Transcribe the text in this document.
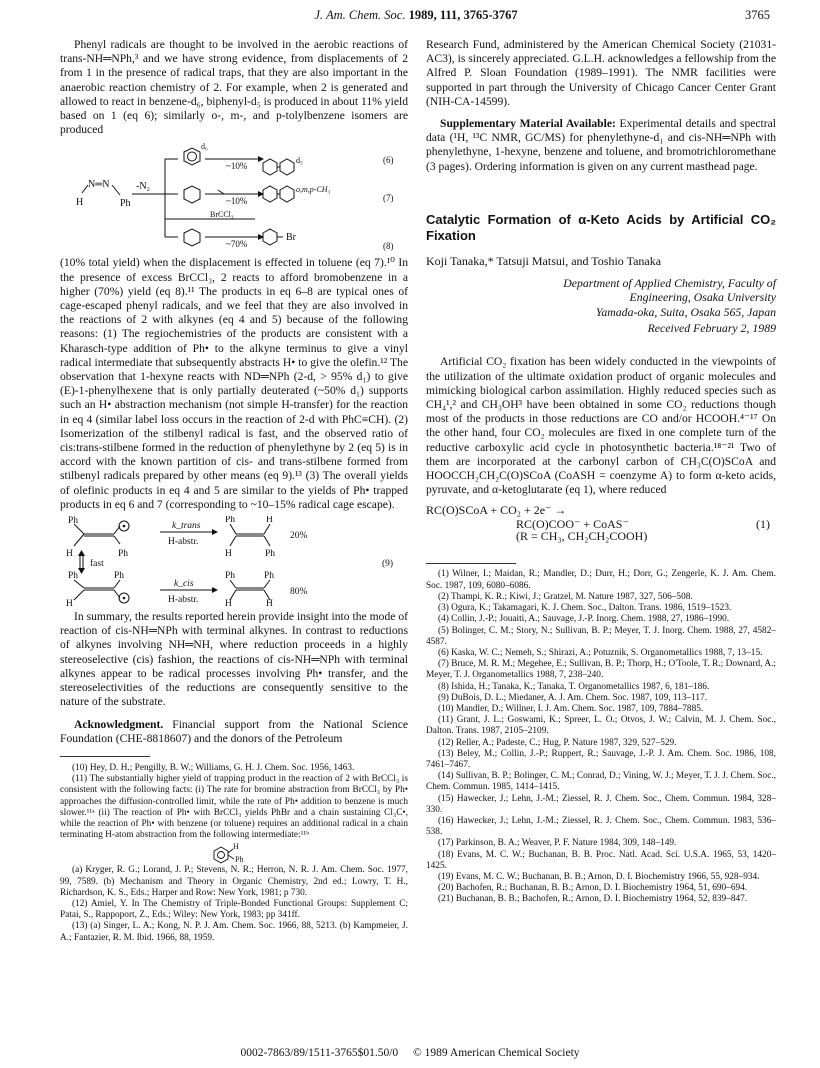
J. Am. Chem. Soc. 1989, 111, 3765-3767	3765

Phenyl radicals are thought to be involved in the aerobic reactions of trans-NH═NPh,³ and we have strong evidence, from displacements of 2 from 1 in the presence of radical traps, that they are also important in the anaerobic reaction chemistry of 2. For example, when 2 is generated and allowed to react in benzene-d₆, biphenyl-d₅ is produced in about 11% yield based on 1 (eq 6); similarly o-, m-, and p-tolylbenzene isomers are produced

N═N
H	Ph
-N₂
BrCCl₃
d₆
d₅
o,m,p-CH₃
Br
~10%
~10%
~70%
(6)
(7)
(8)

(10% total yield) when the displacement is effected in toluene (eq 7).¹⁰ In the presence of excess BrCCl₃, 2 reacts to afford bromobenzene in a higher (70%) yield (eq 8).¹¹ The products in eq 6–8 are typical ones of cage-escaped phenyl radicals, and we feel that they are also involved in the reactions of 2 with alkynes (eq 4 and 5) because of the following reasons: (1) The regiochemistries of the products are consistent with a Kharasch-type addition of Ph• to the alkyne terminus to give a vinyl radical intermediate that subsequently abstracts H• to give the olefin.¹² The observation that 1-hexyne reacts with ND═NPh (2-d, > 95% d₁) to give (E)-1-phenylhexene that is only partially deuterated (~50% d₁) supports such an H• abstraction mechanism (not simple H-transfer) for the reaction in eq 4 (similar label loss occurs in the reaction of 2-d with PhC≡CH). (2) Isomerization of the stilbenyl radical is fast, and the observed ratio of cis:trans-stilbene formed in the reduction of phenylethyne by 2 (eq 5) is in accord with the known partition of cis- and trans-stilbene formed from stilbenyl radicals prepared by other means (eq 9).¹³ (3) The overall yields of olefinic products in eq 4 and 5 are similar to the yields of Ph• trapped products in eq 6 and 7 (corresponding to ~10–15% radical cage escape).

Ph
H	Ph
k_trans
H-abstr.
Ph	H
H	Ph
20%
fast	(9)
Ph	Ph
H
k_cis
H-abstr.
Ph	Ph
H	H
80%

In summary, the results reported herein provide insight into the mode of reaction of cis-NH═NPh with terminal alkynes. In contrast to reductions of alkynes involving NH═NH, where reduction proceeds in a highly stereoselective (cis) fashion, the reactions of cis-NH═NPh with terminal alkynes appear to be radical processes involving Ph• transfer, and the stereoselectivities of the reductions are consequently sensitive to the nature of the substrate.

Acknowledgment. Financial support from the National Science Foundation (CHE-8818607) and the donors of the Petroleum

(10) Hey, D. H.; Pengilly, B. W.; Williams, G. H. J. Chem. Soc. 1956, 1463.

(11) The substantially higher yield of trapping product in the reaction of 2 with BrCCl₃ is consistent with the following facts: (i) The rate for bromine abstraction from BrCCl₃ by Ph• approaches the diffusion-controlled limit, while the rate of Ph• addition to benzene is much slower.¹¹ᵃ (ii) The reaction of Ph• with BrCCl₃ yields PhBr and a chain sustaining Cl₃C•, while the reaction of Ph• with benzene (or toluene) requires an additional radical in a chain terminating H-atom abstraction from the following intermediate:¹¹ᵇ

H
Ph

(a) Kryger, R. G.; Lorand, J. P.; Stevens, N. R.; Herron, N. R. J. Am. Chem. Soc. 1977, 99, 7589. (b) Mechanism and Theory in Organic Chemistry, 2nd ed.; Lowry, T. H., Richardson, K. S., Eds.; Harper and Row: New York, 1981; p 730.

(12) Amiel, Y. In The Chemistry of Triple-Bonded Functional Groups: Supplement C; Patai, S., Rappoport, Z., Eds.; Wiley: New York, 1983; pp 341ff.

(13) (a) Singer, L. A.; Kong, N. P. J. Am. Chem. Soc. 1966, 88, 5213. (b) Kampmeier, J. A.; Fantazier, R. M. Ibid. 1966, 88, 1959.

Research Fund, administered by the American Chemical Society (21031-AC3), is sincerely appreciated. G.L.H. acknowledges a fellowship from the Alfred P. Sloan Foundation (1989–1991). The NMR facilities were supported in part through the University of Chicago Cancer Center Grant (NIH-CA-14599).

Supplementary Material Available: Experimental details and spectral data (¹H, ¹³C NMR, GC/MS) for phenylethyne-d₁ and cis-NH═NPh with phenylethyne, 1-hexyne, benzene and toluene, and bromotrichloromethane (3 pages). Ordering information is given on any current masthead page.

Catalytic Formation of α-Keto Acids by Artificial CO₂ Fixation
Koji Tanaka,* Tatsuji Matsui, and Toshio Tanaka
Department of Applied Chemistry, Faculty of
Engineering, Osaka University
Yamada-oka, Suita, Osaka 565, Japan
Received February 2, 1989

Artificial CO₂ fixation has been widely conducted in the viewpoints of the utilization of the ultimate oxidation product of organic molecules and mimicking biological carbon assimilation. Highly reduced species such as CH₄¹,² and CH₃OH³ have been obtained in some CO₂ reductions though most of the products in those reductions are CO and/or HCOOH.⁴⁻¹⁷ On the other hand, four CO₂ molecules are fixed in one complete turn of the reductive carboxylic acid cycle in photosynthetic bacteria.¹⁸⁻²¹ Two of them are incorporated at the carbonyl carbon of CH₃C(O)SCoA and HOOCCH₂CH₂C(O)SCoA (CoASH = coenzyme A) to form α-keto acids, pyruvate, and α-ketoglutarate (eq 1), where reduced

RC(O)SCoA + CO₂ + 2e⁻ →
RC(O)COO⁻ + CoAS⁻
(R = CH₃, CH₂CH₂COOH)
(1)

(1) Wilner, I.; Maidan, R.; Mandler, D.; Durr, H.; Dorr, G.; Zengerle, K. J. Am. Chem. Soc. 1987, 109, 6080–6086.

(2) Thampi, K. R.; Kiwi, J.; Gratzel, M. Nature 1987, 327, 506–508.

(3) Ogura, K.; Takamagari, K. J. Chem. Soc., Dalton. Trans. 1986, 1519–1523.

(4) Collin, J.-P.; Jouaiti, A.; Sauvage, J.-P. Inorg. Chem. 1988, 27, 1986–1990.

(5) Bolinger, C. M.; Story, N.; Sullivan, B. P.; Meyer, T. J. Inorg. Chem. 1988, 27, 4582–4587.

(6) Kaska, W. C.; Nemeh, S.; Shirazi, A.; Potuznik, S. Organometallics 1988, 7, 13–15.

(7) Bruce, M. R. M.; Megehee, E.; Sullivan, B. P.; Thorp, H.; O'Toole, T. R.; Downard, A.; Meyer, T. J. Organometallics 1988, 7, 238–240.

(8) Ishida, H.; Tanaka, K.; Tanaka, T. Organometallics 1987, 6, 181–186.

(9) DuBois, D. L.; Miedaner, A. J. Am. Chem. Soc. 1987, 109, 113–117.

(10) Mandler, D.; Willner, I. J. Am. Chem. Soc. 1987, 109, 7884–7885.

(11) Grant, J. L.; Goswami, K.; Spreer, L. O.; Otvos, J. W.; Calvin, M. J. Chem. Soc., Dalton. Trans. 1987, 2105–2109.

(12) Reller, A.; Padeste, C.; Hug, P. Nature 1987, 329, 527–529.

(13) Beley, M.; Collin, J.-P.; Ruppert, R.; Sauvage, J.-P. J. Am. Chem. Soc. 1986, 108, 7461–7467.

(14) Sullivan, B. P.; Bolinger, C. M.; Conrad, D.; Vining, W. J.; Meyer, T. J. J. Chem. Soc., Chem. Commun. 1985, 1414–1415.

(15) Hawecker, J.; Lehn, J.-M.; Ziessel, R. J. Chem. Soc., Chem. Commun. 1984, 328–330.

(16) Hawecker, J.; Lehn, J.-M.; Ziessel, R. J. Chem. Soc., Chem. Commun. 1983, 536–538.

(17) Parkinson, B. A.; Weaver, P. F. Nature 1984, 309, 148–149.

(18) Evans, M. C. W.; Buchanan, B. B. Proc. Natl. Acad. Sci. U.S.A. 1965, 53, 1420–1425.

(19) Evans, M. C. W.; Buchanan, B. B.; Arnon, D. I. Biochemistry 1966, 55, 928–934.

(20) Bachofen, R.; Buchanan, B. B.; Arnon, D. I. Biochemistry 1964, 51, 690–694.

(21) Buchanan, B. B.; Bachofen, R.; Arnon, D. I. Biochemistry 1964, 52, 839–847.

0002-7863/89/1511-3765$01.50/0 © 1989 American Chemical Society
